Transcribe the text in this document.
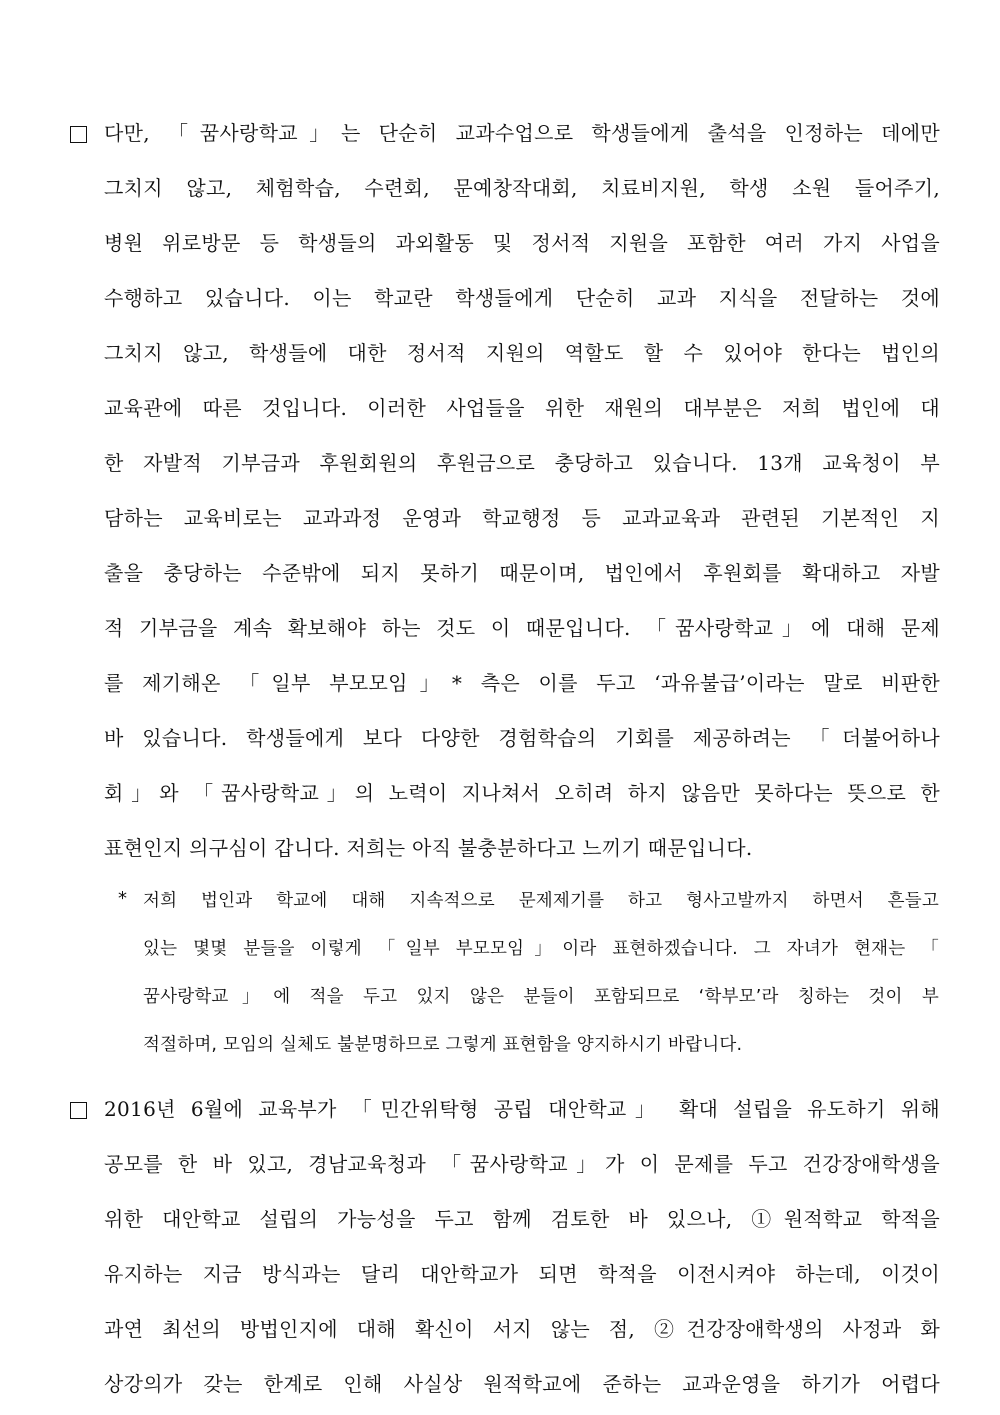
다만, 「꿈사랑학교」는 단순히 교과수업으로 학생들에게 출석을 인정하는 데에만
그치지 않고, 체험학습, 수련회, 문예창작대회, 치료비지원, 학생 소원 들어주기,
병원 위로방문 등 학생들의 과외활동 및 정서적 지원을 포함한 여러 가지 사업을
수행하고 있습니다. 이는 학교란 학생들에게 단순히 교과 지식을 전달하는 것에
그치지 않고, 학생들에 대한 정서적 지원의 역할도 할 수 있어야 한다는 법인의
교육관에 따른 것입니다. 이러한 사업들을 위한 재원의 대부분은 저희 법인에 대
한 자발적 기부금과 후원회원의 후원금으로 충당하고 있습니다. 13개 교육청이 부
담하는 교육비로는 교과과정 운영과 학교행정 등 교과교육과 관련된 기본적인 지
출을 충당하는 수준밖에 되지 못하기 때문이며, 법인에서 후원회를 확대하고 자발
적 기부금을 계속 확보해야 하는 것도 이 때문입니다. 「꿈사랑학교」에 대해 문제
를 제기해온 「일부 부모모임」* 측은 이를 두고 ‘과유불급’이라는 말로 비판한
바 있습니다. 학생들에게 보다 다양한 경험학습의 기회를 제공하려는 「더불어하나
회」와 「꿈사랑학교」의 노력이 지나쳐서 오히려 하지 않음만 못하다는 뜻으로 한
표현인지 의구심이 갑니다. 저희는 아직 불충분하다고 느끼기 때문입니다.
* 저희 법인과 학교에 대해 지속적으로 문제제기를 하고 형사고발까지 하면서 흔들고
있는 몇몇 분들을 이렇게 「일부 부모모임」이라 표현하겠습니다. 그 자녀가 현재는 「
꿈사랑학교」에 적을 두고 있지 않은 분들이 포함되므로 ‘학부모’라 칭하는 것이 부
적절하며, 모임의 실체도 불분명하므로 그렇게 표현함을 양지하시기 바랍니다.
2016년 6월에 교육부가 「민간위탁형 공립 대안학교」 확대 설립을 유도하기 위해
공모를 한 바 있고, 경남교육청과 「꿈사랑학교」가 이 문제를 두고 건강장애학생을
위한 대안학교 설립의 가능성을 두고 함께 검토한 바 있으나, ①원적학교 학적을
유지하는 지금 방식과는 달리 대안학교가 되면 학적을 이전시켜야 하는데, 이것이
과연 최선의 방법인지에 대해 확신이 서지 않는 점, ②건강장애학생의 사정과 화
상강의가 갖는 한계로 인해 사실상 원적학교에 준하는 교과운영을 하기가 어렵다
